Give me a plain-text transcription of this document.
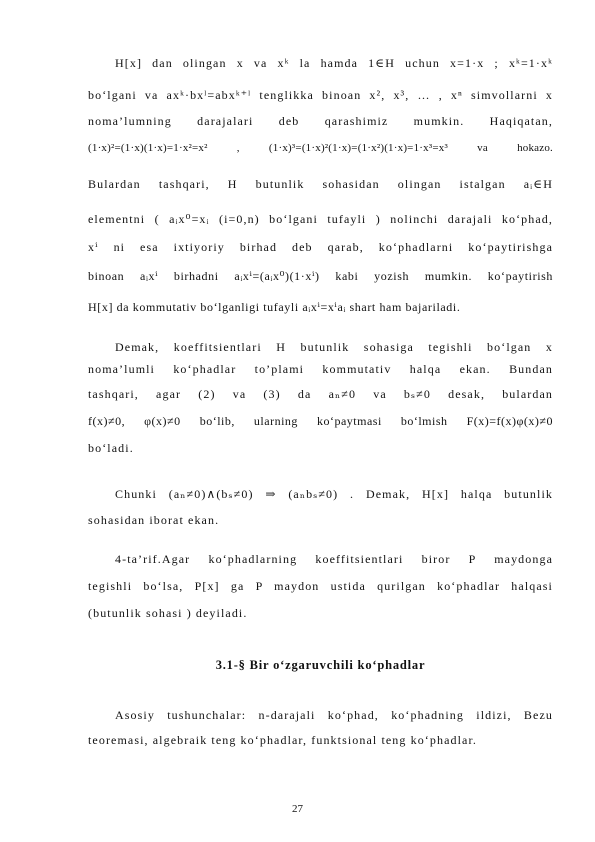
H[x] dan olingan x va xᵏ la hamda 1∈H uchun x=1·x ; xᵏ=1·xᵏ
bo‘lgani va axᵏ·bxˡ=abxᵏ⁺ˡ tenglikka binoan x², x³, … , xⁿ simvollarni x
noma’lumning darajalari deb qarashimiz mumkin. Haqiqatan,
(1·x)²=(1·x)(1·x)=1·x²=x² , (1·x)³=(1·x)²(1·x)=(1·x²)(1·x)=1·x³=x³ va hokazo.
Bulardan tashqari, H butunlik sohasidan olingan istalgan aᵢ∈H
elementni ( aᵢx⁰=xᵢ (i=0,n) bo‘lgani tufayli ) nolinchi darajali ko‘phad,
xⁱ ni esa ixtiyoriy birhad deb qarab, ko‘phadlarni ko‘paytirishga
binoan aᵢxⁱ birhadni aᵢxⁱ=(aᵢx⁰)(1·xⁱ) kabi yozish mumkin. ko‘paytirish
H[x] da kommutativ bo‘lganligi tufayli aᵢxⁱ=xⁱaᵢ shart ham bajariladi.
Demak, koeffitsientlari H butunlik sohasiga tegishli bo‘lgan x
noma’lumli ko‘phadlar to’plami kommutativ halqa ekan. Bundan
tashqari, agar (2) va (3) da aₙ≠0 va bₛ≠0 desak, bulardan
f(x)≠0, φ(x)≠0 bo‘lib, ularning ko‘paytmasi bo‘lmish F(x)=f(x)φ(x)≠0
bo‘ladi.
Chunki (aₙ≠0)∧(bₛ≠0) ⇒ (aₙbₛ≠0) . Demak, H[x] halqa butunlik
sohasidan iborat ekan.
4-ta’rif.Agar ko‘phadlarning koeffitsientlari biror P maydonga
tegishli bo‘lsa, P[x] ga P maydon ustida qurilgan ko‘phadlar halqasi
(butunlik sohasi ) deyiladi.
3.1-§ Bir o‘zgaruvchili ko‘phadlar
Asosiy tushunchalar: n-darajali ko‘phad, ko‘phadning ildizi, Bezu
teoremasi, algebraik teng ko‘phadlar, funktsional teng ko‘phadlar.
27
